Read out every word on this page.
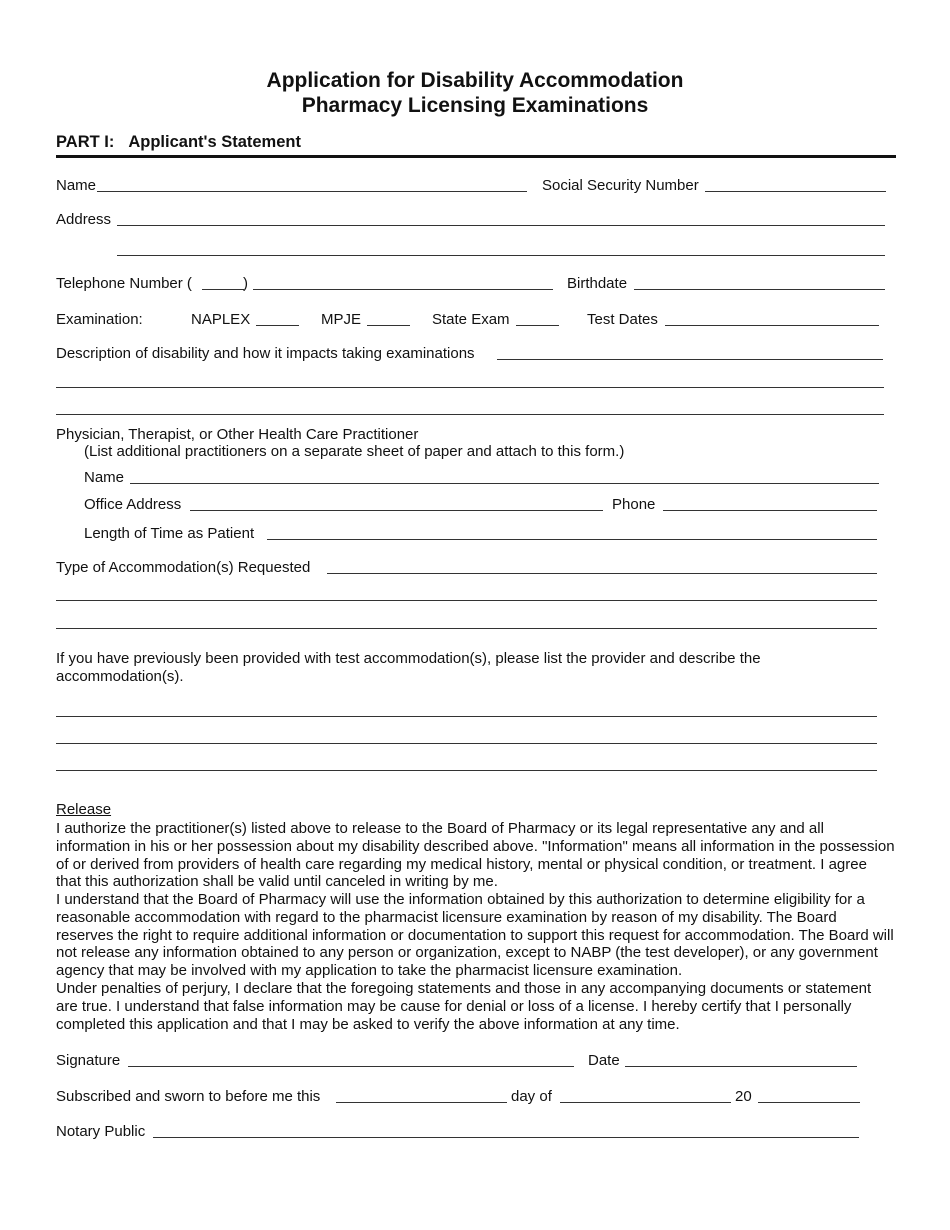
Application for Disability Accommodation
Pharmacy Licensing Examinations
PART I: Applicant's Statement
Name	Social Security Number
Address
Telephone Number (	)	Birthdate
Examination:	NAPLEX	MPJE	State Exam	Test Dates
Description of disability and how it impacts taking examinations
Physician, Therapist, or Other Health Care Practitioner
(List additional practitioners on a separate sheet of paper and attach to this form.)
Name
Office Address	Phone
Length of Time as Patient
Type of Accommodation(s) Requested
If you have previously been provided with test accommodation(s), please list the provider and describe the accommodation(s).
Release
I authorize the practitioner(s) listed above to release to the Board of Pharmacy or its legal representative any and all information in his or her possession about my disability described above. "Information" means all information in the possession of or derived from providers of health care regarding my medical history, mental or physical condition, or treatment. I agree that this authorization shall be valid until canceled in writing by me.
I understand that the Board of Pharmacy will use the information obtained by this authorization to determine eligibility for a reasonable accommodation with regard to the pharmacist licensure examination by reason of my disability. The Board reserves the right to require additional information or documentation to support this request for accommodation. The Board will not release any information obtained to any person or organization, except to NABP (the test developer), or any government agency that may be involved with my application to take the pharmacist licensure examination.
Under penalties of perjury, I declare that the foregoing statements and those in any accompanying documents or statement are true. I understand that false information may be cause for denial or loss of a license. I hereby certify that I personally completed this application and that I may be asked to verify the above information at any time.
Signature	Date
Subscribed and sworn to before me this	day of	20
Notary Public
